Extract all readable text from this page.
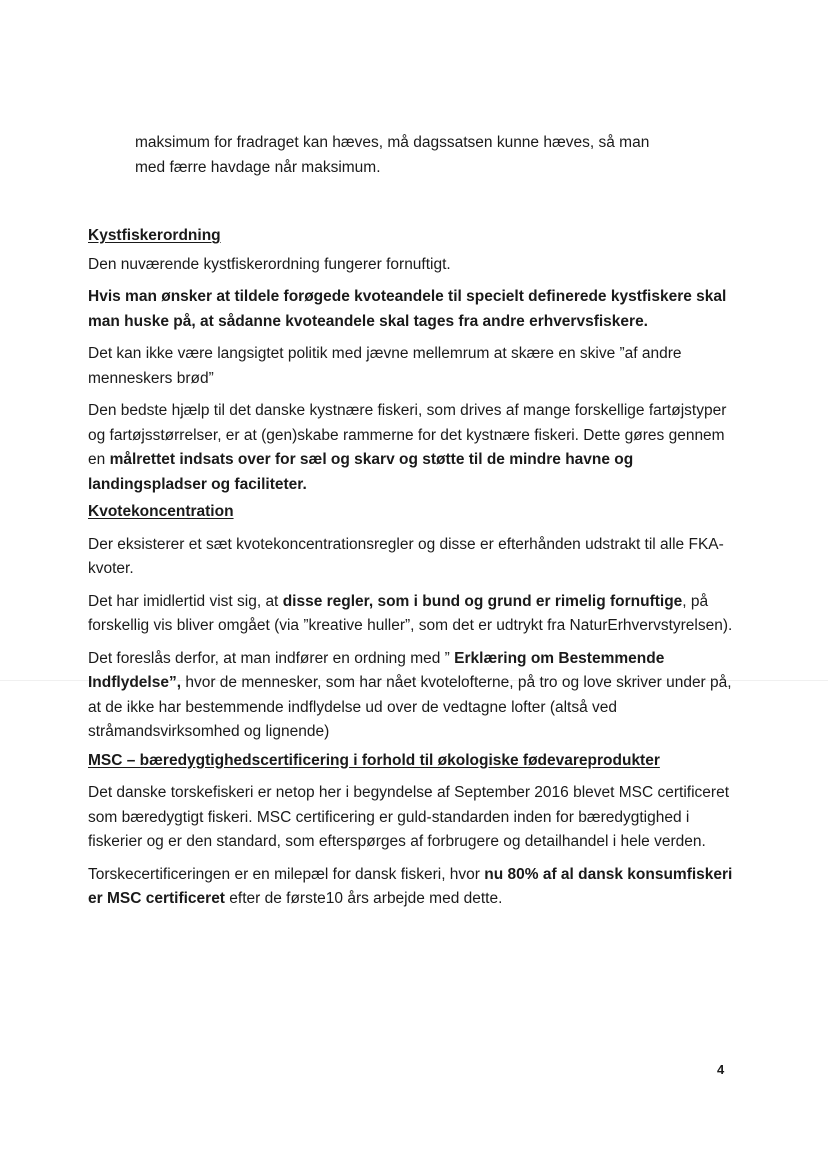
maksimum for fradraget kan hæves, må dagssatsen kunne hæves, så man

med færre havdage når maksimum.

Kystfiskerordning

Den nuværende kystfiskerordning fungerer fornuftigt.

Hvis man ønsker at tildele forøgede kvoteandele til specielt definerede kystfiskere skal man huske på, at sådanne kvoteandele skal tages fra andre erhvervsfiskere.

Det kan ikke være langsigtet politik med jævne mellemrum at skære en skive ”af andre menneskers brød”

Den bedste hjælp til det danske kystnære fiskeri, som drives af mange forskellige fartøjstyper og fartøjsstørrelser, er at (gen)skabe rammerne for det kystnære fiskeri. Dette gøres gennem en målrettet indsats over for sæl og skarv og støtte til de mindre havne og landingspladser og faciliteter.

Kvotekoncentration

Der eksisterer et sæt kvotekoncentrationsregler og disse er efterhånden udstrakt til alle FKA-kvoter.

Det har imidlertid vist sig, at disse regler, som i bund og grund er rimelig fornuftige, på forskellig vis bliver omgået (via ”kreative huller”, som det er udtrykt fra NaturErhvervstyrelsen).

Det foreslås derfor, at man indfører en ordning med ” Erklæring om Bestemmende Indflydelse”, hvor de mennesker, som har nået kvotelofterne, på tro og love skriver under på, at de ikke har bestemmende indflydelse ud over de vedtagne lofter (altså ved stråmandsvirksomhed og lignende)

MSC – bæredygtighedscertificering i forhold til økologiske fødevareprodukter

Det danske torskefiskeri er netop her i begyndelse af September 2016 blevet MSC certificeret som bæredygtigt fiskeri. MSC certificering er guld-standarden inden for bæredygtighed i fiskerier og er den standard, som efterspørges af forbrugere og detailhandel i hele verden.

Torskecertificeringen er en milepæl for dansk fiskeri, hvor nu 80% af al dansk konsumfiskeri er MSC certificeret efter de første10 års arbejde med dette.

4
